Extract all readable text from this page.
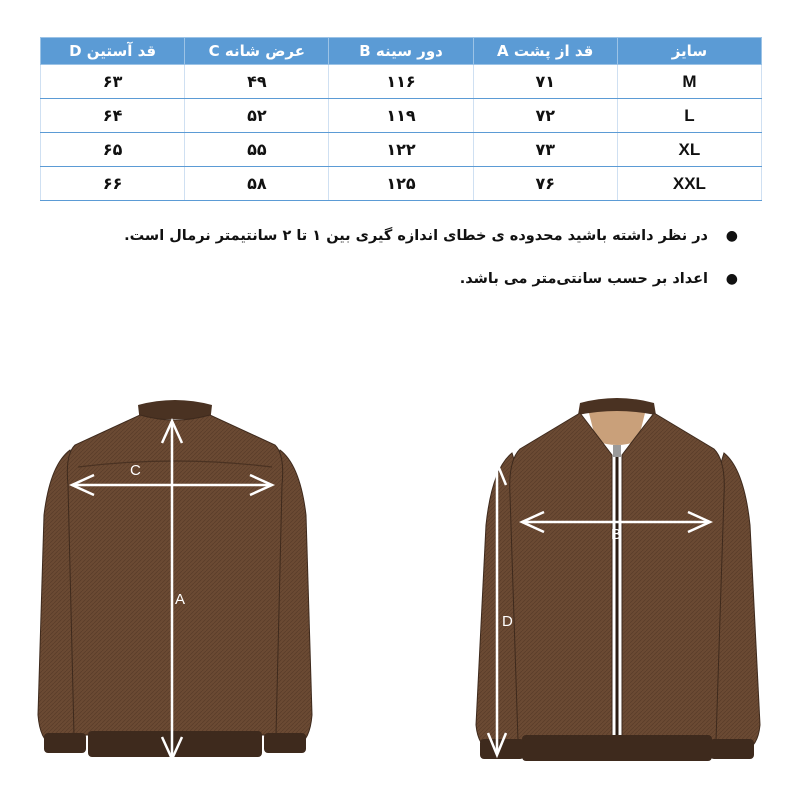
سایز	قد از پشت A	دور سینه B	عرض شانه C	قد آستین D
M	۷۱	۱۱۶	۴۹	۶۳
L	۷۲	۱۱۹	۵۲	۶۴
XL	۷۳	۱۲۲	۵۵	۶۵
XXL	۷۶	۱۲۵	۵۸	۶۶
●
در نظر داشته باشید محدوده ی خطای اندازه گیری بین ۱ تا ۲ سانتیمتر نرمال است.
●
اعداد بر حسب سانتی‌متر می باشد.
A
C
B
D
